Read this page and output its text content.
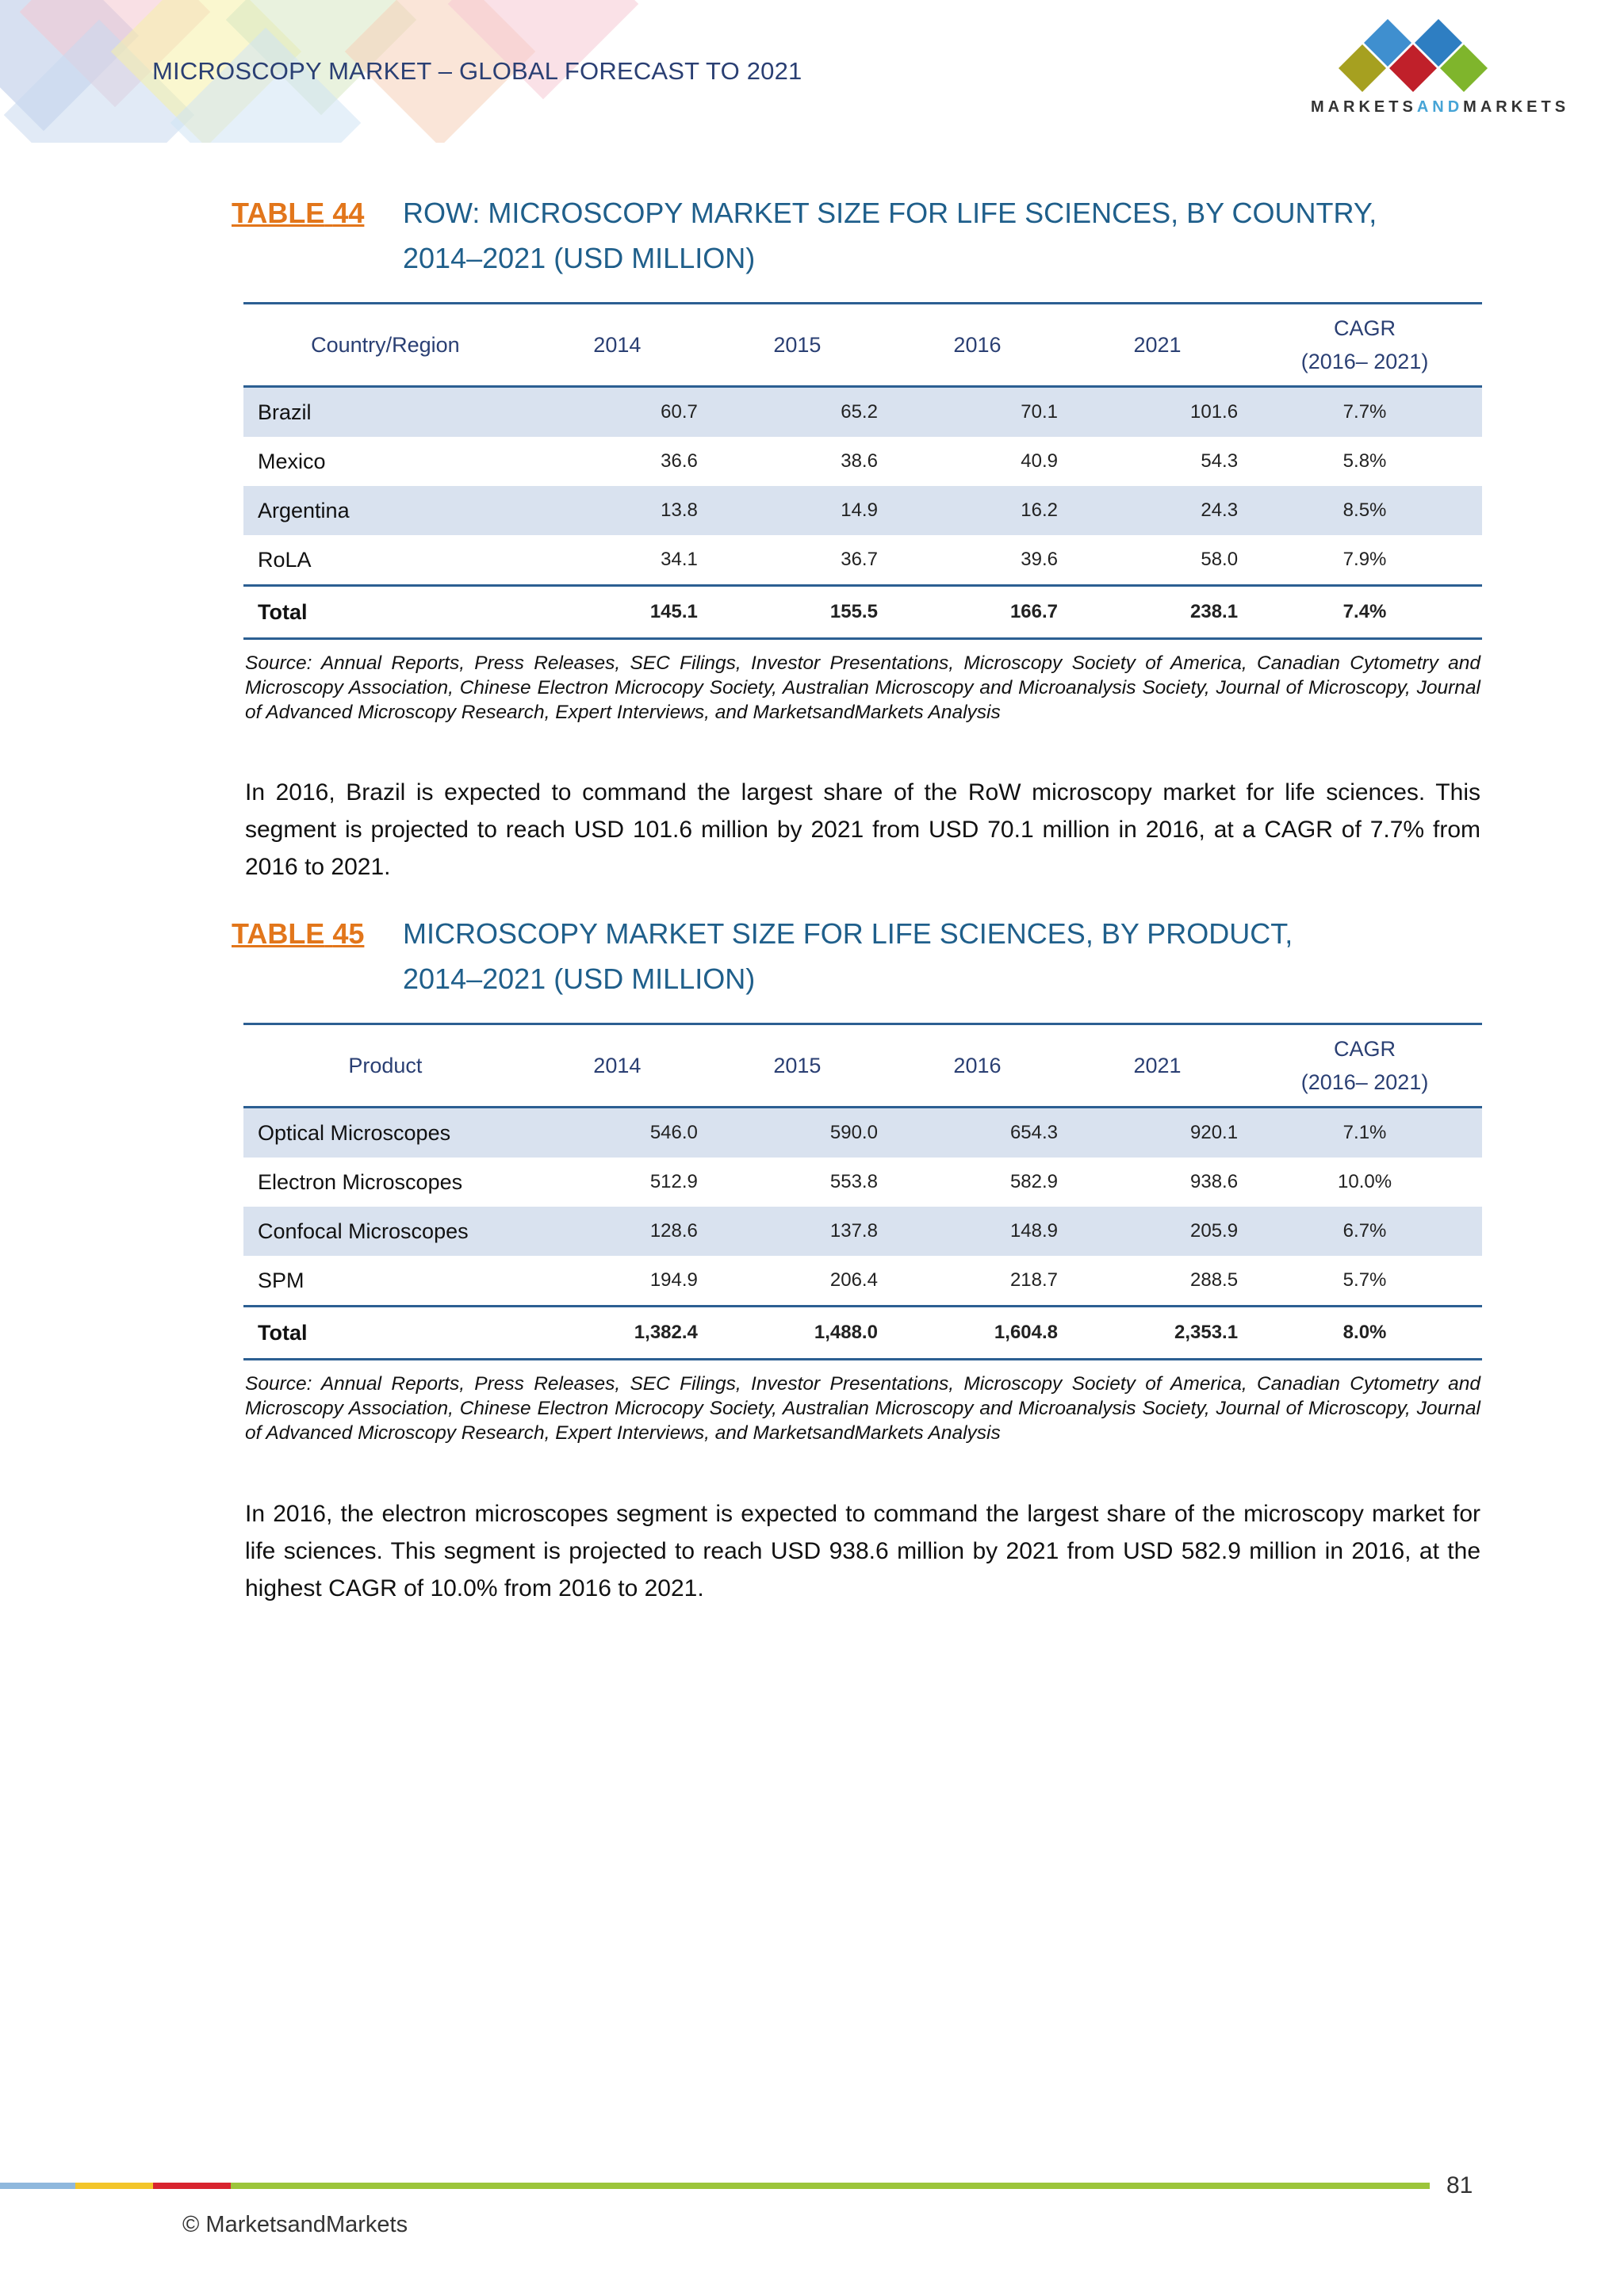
MICROSCOPY MARKET – GLOBAL FORECAST TO 2021
MARKETSANDMARKETS
TABLE 44 ROW: MICROSCOPY MARKET SIZE FOR LIFE SCIENCES, BY COUNTRY,
2014–2021 (USD MILLION)
Country/Region	2014	2015	2016	2021	CAGR
(2016– 2021)

Brazil	60.7	65.2	70.1	101.6	7.7%
Mexico	36.6	38.6	40.9	54.3	5.8%
Argentina	13.8	14.9	16.2	24.3	8.5%
RoLA	34.1	36.7	39.6	58.0	7.9%
Total	145.1	155.5	166.7	238.1	7.4%
Source: Annual Reports, Press Releases, SEC Filings, Investor Presentations, Microscopy Society of America, Canadian Cytometry and Microscopy Association, Chinese Electron Microcopy Society, Australian Microscopy and Microanalysis Society, Journal of Microscopy, Journal of Advanced Microscopy Research, Expert Interviews, and MarketsandMarkets Analysis
In 2016, Brazil is expected to command the largest share of the RoW microscopy market for life sciences. This segment is projected to reach USD 101.6 million by 2021 from USD 70.1 million in 2016, at a CAGR of 7.7% from 2016 to 2021.
TABLE 45 MICROSCOPY MARKET SIZE FOR LIFE SCIENCES, BY PRODUCT,
2014–2021 (USD MILLION)
Product	2014	2015	2016	2021	CAGR
(2016– 2021)

Optical Microscopes	546.0	590.0	654.3	920.1	7.1%
Electron Microscopes	512.9	553.8	582.9	938.6	10.0%
Confocal Microscopes	128.6	137.8	148.9	205.9	6.7%
SPM	194.9	206.4	218.7	288.5	5.7%
Total	1,382.4	1,488.0	1,604.8	2,353.1	8.0%
Source: Annual Reports, Press Releases, SEC Filings, Investor Presentations, Microscopy Society of America, Canadian Cytometry and Microscopy Association, Chinese Electron Microcopy Society, Australian Microscopy and Microanalysis Society, Journal of Microscopy, Journal of Advanced Microscopy Research, Expert Interviews, and MarketsandMarkets Analysis
In 2016, the electron microscopes segment is expected to command the largest share of the microscopy market for life sciences. This segment is projected to reach USD 938.6 million by 2021 from USD 582.9 million in 2016, at the highest CAGR of 10.0% from 2016 to 2021.
81
© MarketsandMarkets
